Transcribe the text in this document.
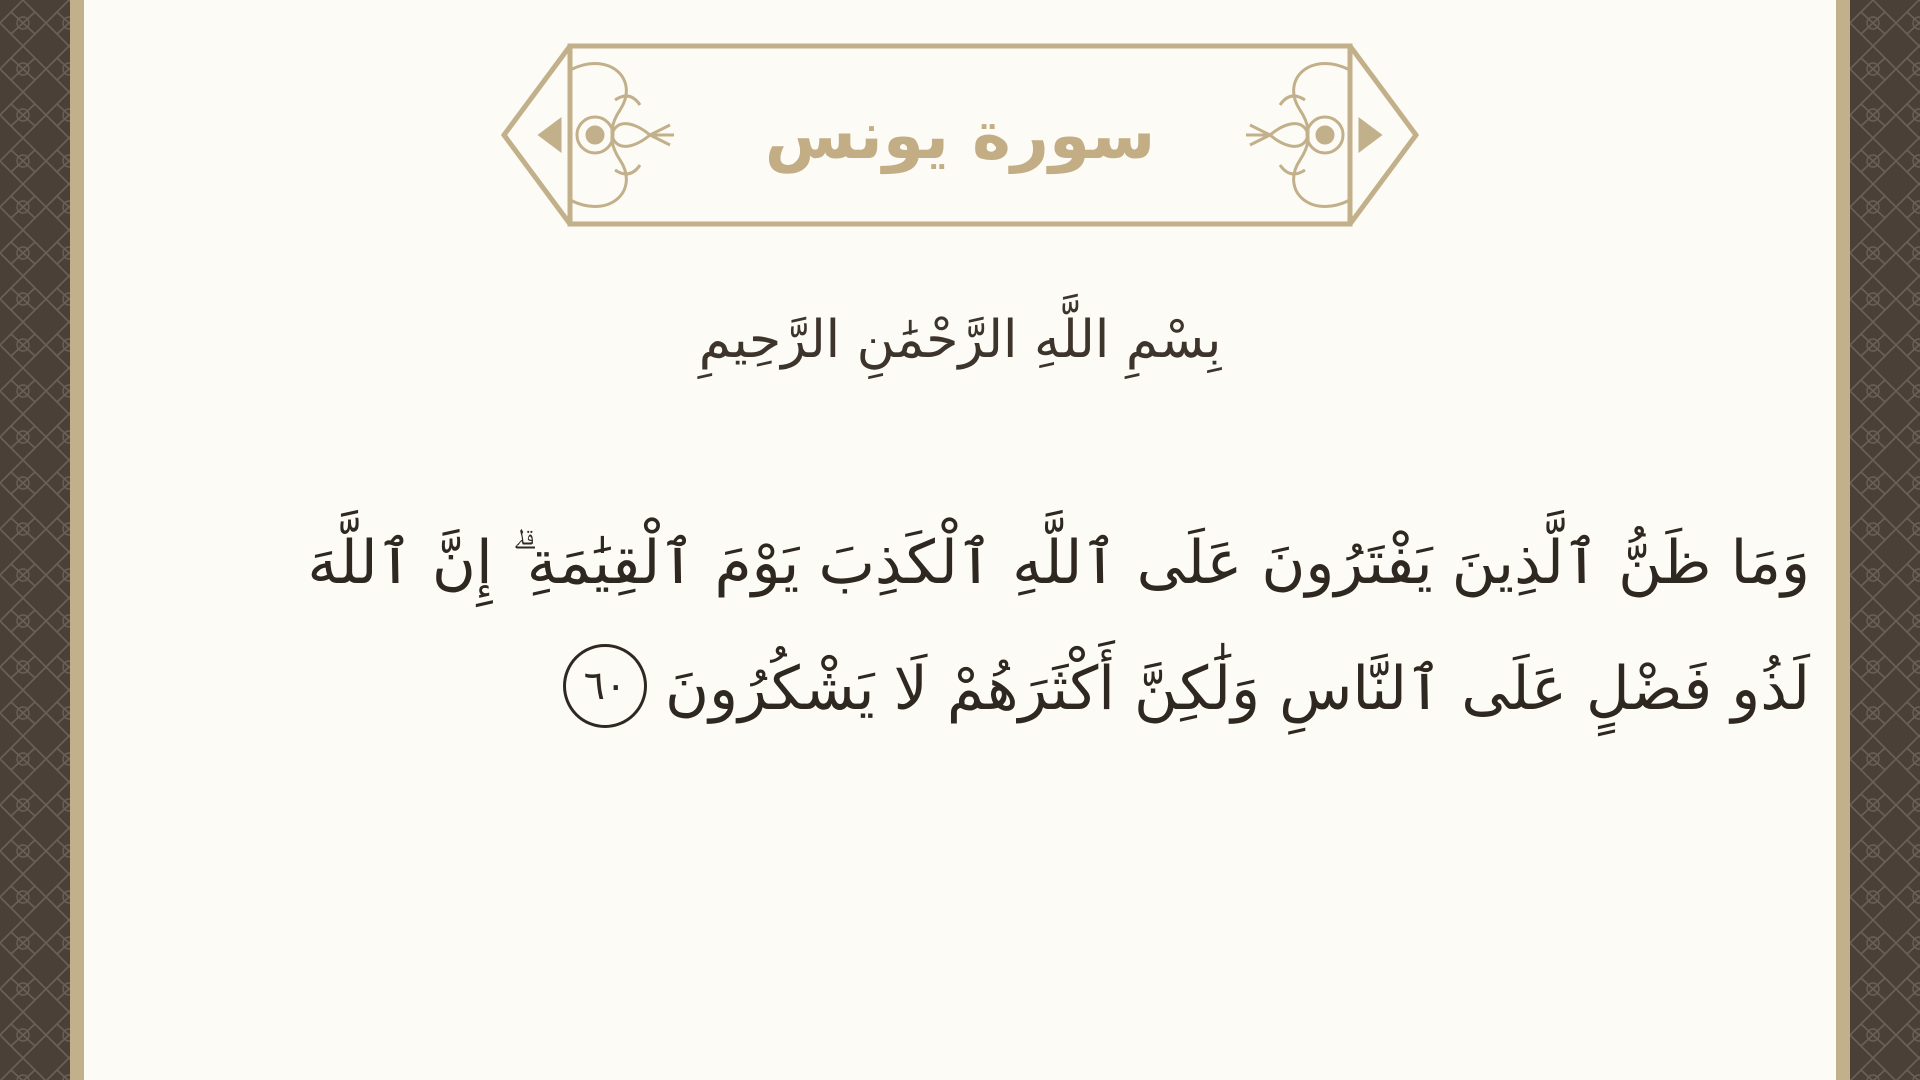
سورة يونس
بِسْمِ اللَّهِ الرَّحْمَٰنِ الرَّحِيمِ
وَمَا ظَنُّ ٱلَّذِينَ يَفْتَرُونَ عَلَى ٱللَّهِ ٱلْكَذِبَ يَوْمَ ٱلْقِيَٰمَةِ ۗ إِنَّ ٱللَّهَ
لَذُو فَضْلٍ عَلَى ٱلنَّاسِ وَلَٰكِنَّ أَكْثَرَهُمْ لَا يَشْكُرُونَ٦٠
